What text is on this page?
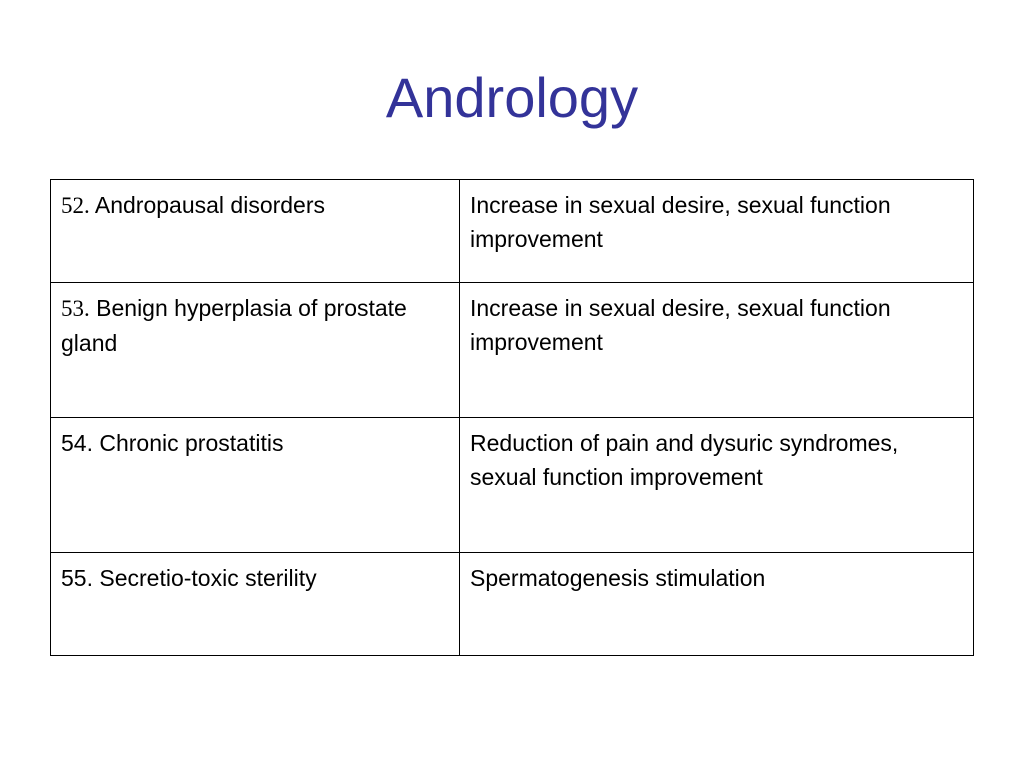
Andrology
52. Andropausal disorders	Increase in sexual desire, sexual function improvement
53. Benign hyperplasia of prostate gland	Increase in sexual desire, sexual function improvement
54. Chronic prostatitis	Reduction of pain and dysuric syndromes, sexual function improvement
55. Secretio-toxic sterility	Spermatogenesis stimulation
